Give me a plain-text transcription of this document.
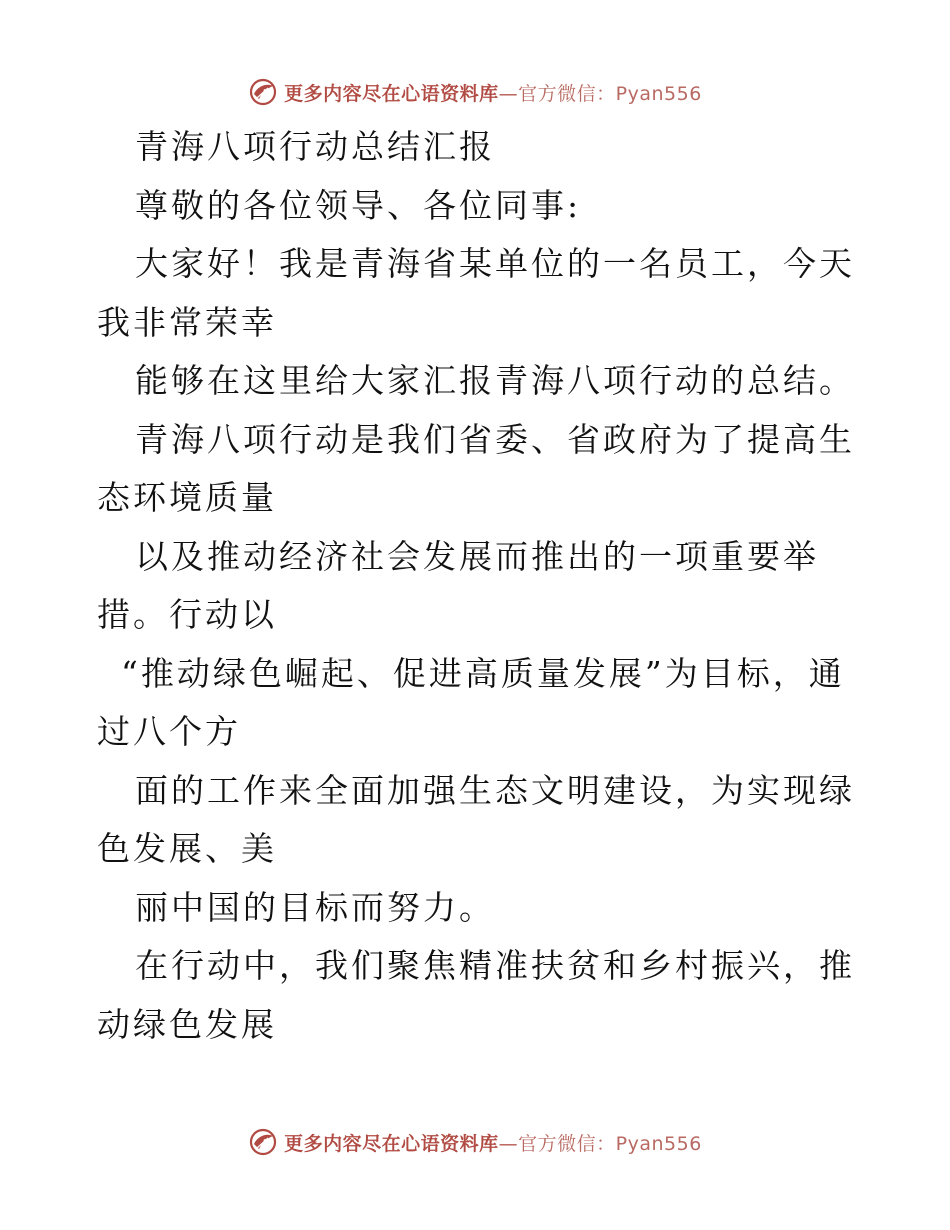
更多内容尽在心语资料库—官方微信：Pyan556

青海八项行动总结汇报

尊敬的各位领导、各位同事:

大家好！我是青海省某单位的一名员工，今天我非常荣幸

能够在这里给大家汇报青海八项行动的总结。

青海八项行动是我们省委、省政府为了提高生态环境质量

以及推动经济社会发展而推出的一项重要举措。行动以

“推动绿色崛起、促进高质量发展”为目标，通过八个方

面的工作来全面加强生态文明建设，为实现绿色发展、美

丽中国的目标而努力。

在行动中，我们聚焦精准扶贫和乡村振兴，推动绿色发展

更多内容尽在心语资料库—官方微信：Pyan556
